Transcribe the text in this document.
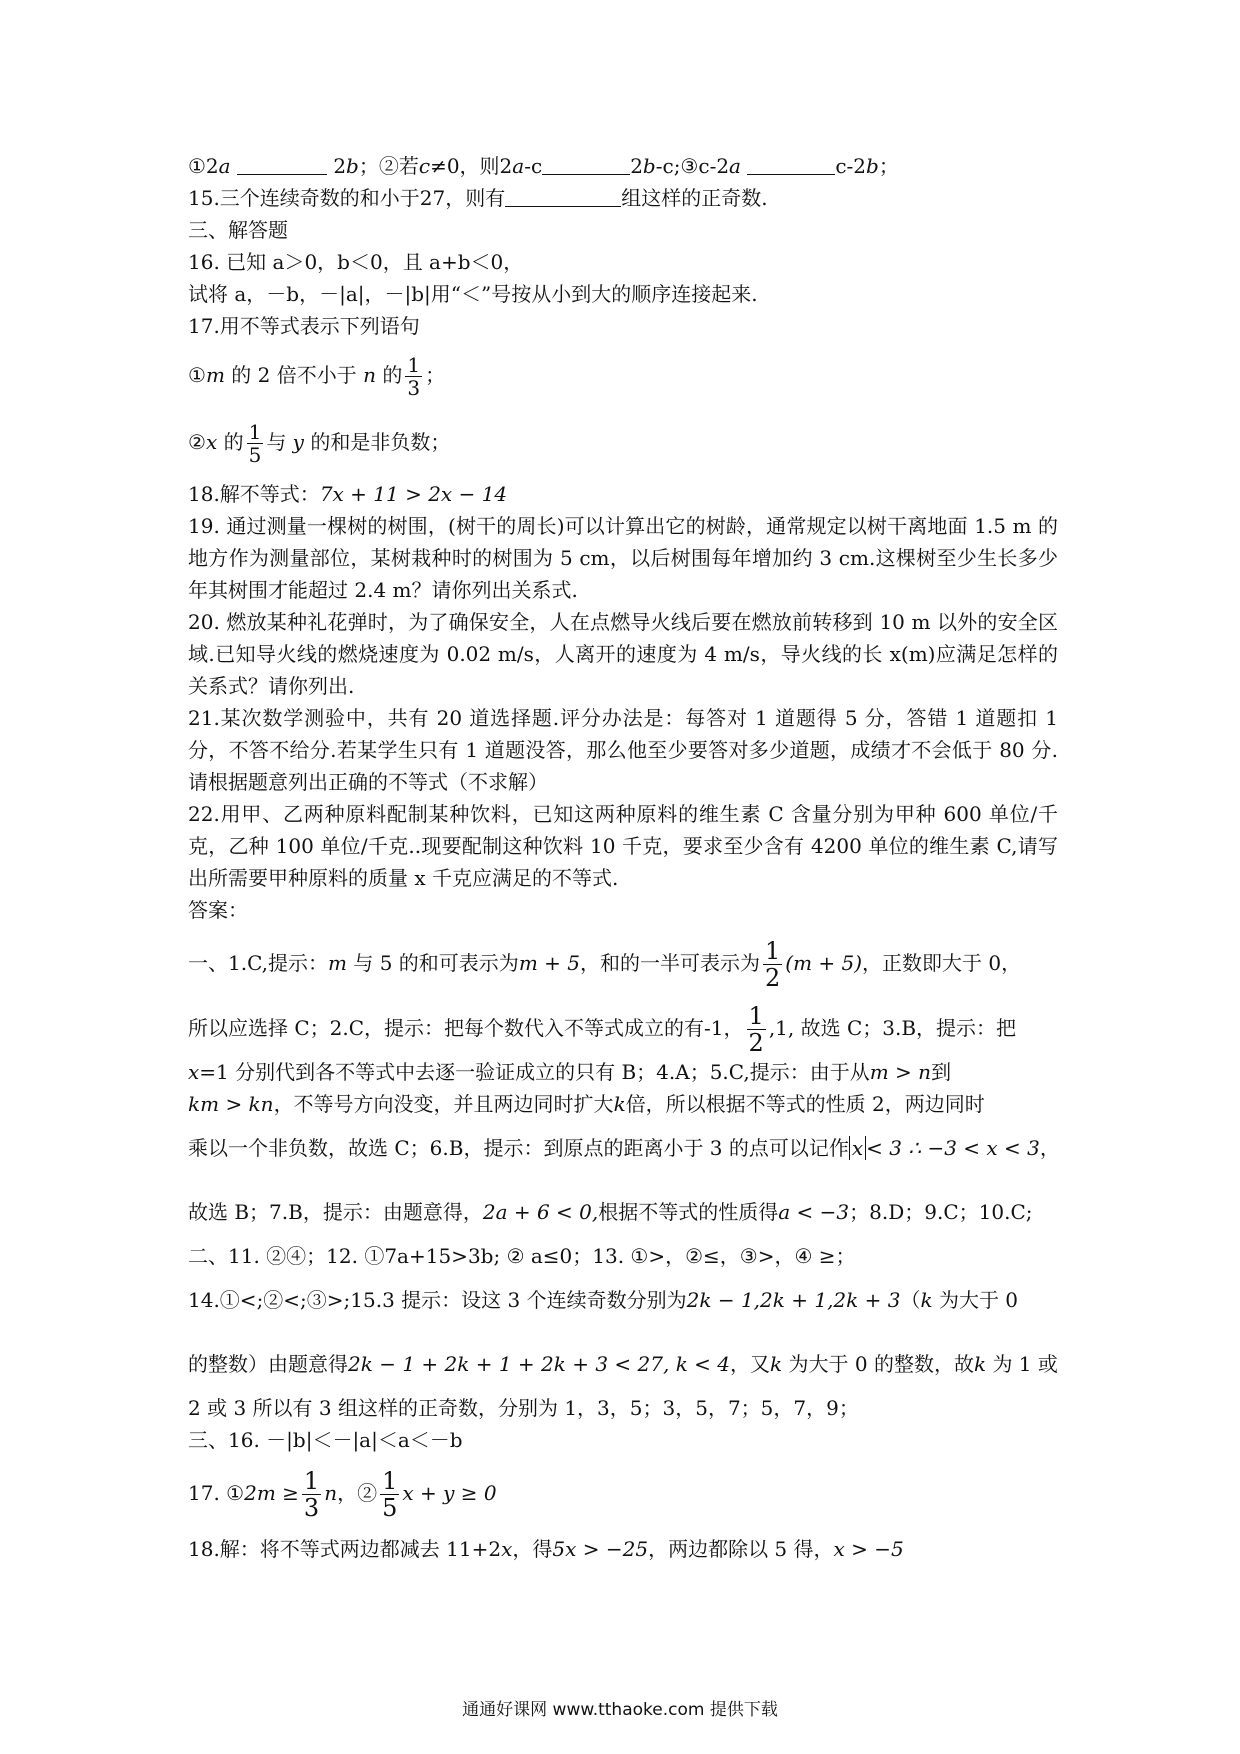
①2a	2b；②若c≠0，则2a-c	2b-c;③c-2a	c-2b；
15.三个连续奇数的和小于27，则有	组这样的正奇数.
三、解答题
16. 已知 a＞0，b＜0，且 a+b＜0，
试将 a，－b，－|a|，－|b|用“＜”号按从小到大的顺序连接起来.
17.用不等式表示下列语句
①m 的 2 倍不小于 n 的 $\frac{1}{3}$ ；
②x 的 $\frac{1}{5}$ 与 y 的和是非负数；
18.解不等式：7x + 11 > 2x − 14
19. 通过测量一棵树的树围，(树干的周长)可以计算出它的树龄，通常规定以树干离地面 1.5 m 的地方作为测量部位，某树栽种时的树围为 5 cm，以后树围每年增加约 3 cm.这棵树至少生长多少年其树围才能超过 2.4 m？请你列出关系式.
20. 燃放某种礼花弹时，为了确保安全，人在点燃导火线后要在燃放前转移到 10 m 以外的安全区域.已知导火线的燃烧速度为 0.02 m/s，人离开的速度为 4 m/s，导火线的长 x(m)应满足怎样的关系式？请你列出.
21.某次数学测验中，共有 20 道选择题.评分办法是：每答对 1 道题得 5 分，答错 1 道题扣 1 分，不答不给分.若某学生只有 1 道题没答，那么他至少要答对多少道题，成绩才不会低于 80 分.请根据题意列出正确的不等式（不求解）
22.用甲、乙两种原料配制某种饮料，已知这两种原料的维生素 C 含量分别为甲种 600 单位/千克，乙种 100 单位/千克..现要配制这种饮料 10 千克，要求至少含有 4200 单位的维生素 C,请写出所需要甲种原料的质量 x 千克应满足的不等式.
答案：
一、1.C,提示：m 与 5 的和可表示为m + 5，和的一半可表示为 $\frac{1}{2} (m + 5)$，正数即大于 0，
所以应选择 C；2.C，提示：把每个数代入不等式成立的有-1， $\frac{1}{2} ,1$, 故选 C；3.B，提示：把
x=1 分别代到各不等式中去逐一验证成立的只有 B；4.A；5.C,提示：由于从m > n到
km > kn，不等号方向没变，并且两边同时扩大k倍，所以根据不等式的性质 2，两边同时
乘以一个非负数，故选 C；6.B，提示：到原点的距离小于 3 的点可以记作 x < 3 ∴ −3 < x < 3，
故选 B；7.B，提示：由题意得，2a + 6 < 0,根据不等式的性质得a < −3；8.D；9.C；10.C;
二、11. ②④；12. ①7a+15>3b; ② a≤0；13. ①>，②≤，③>，④ ≥；
14.①<;②<;③>;15.3 提示：设这 3 个连续奇数分别为2k − 1,2k + 1,2k + 3（k 为大于 0
的整数）由题意得2k − 1 + 2k + 1 + 2k + 3 < 27, k < 4，又k 为大于 0 的整数，故k 为 1 或
2 或 3 所以有 3 组这样的正奇数，分别为 1，3，5；3，5，7；5，7，9；
三、16. －|b|＜－|a|＜a＜－b
17. ①2m ≥ $\frac{1}{3}$ n，② $\frac{1}{5}$ x + y ≥ 0
18.解：将不等式两边都减去 11+2x，得5x > −25，两边都除以 5 得，x > −5
通通好课网 www.tthaoke.com 提供下载
